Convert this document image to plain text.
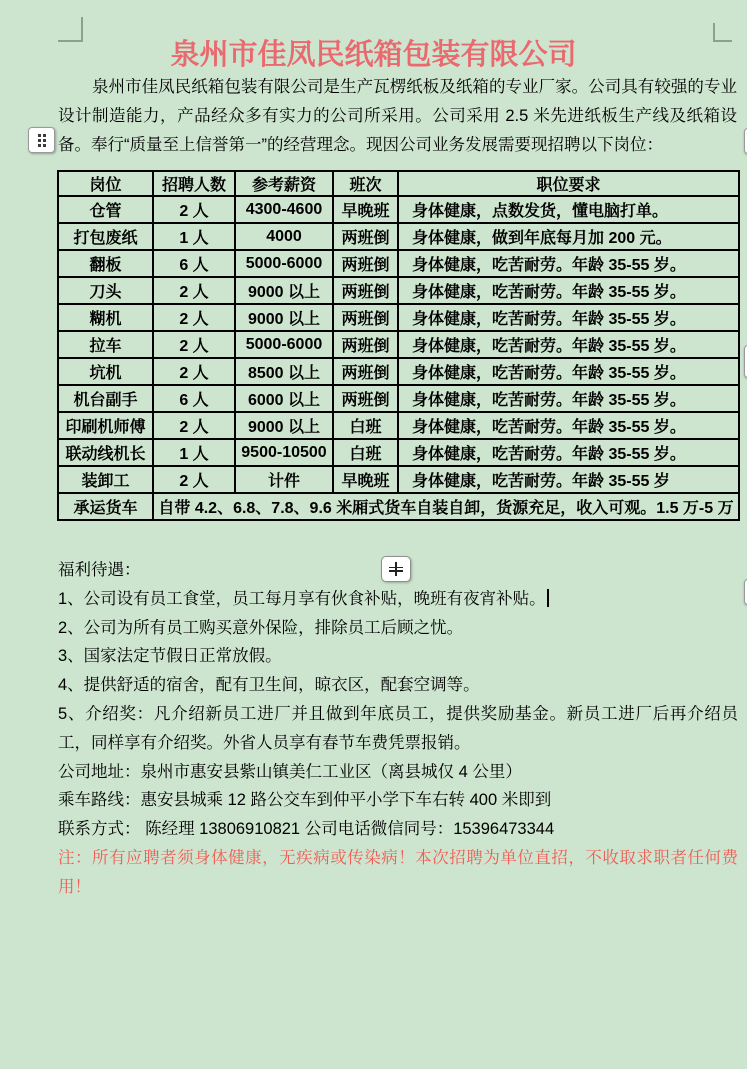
泉州市佳凤民纸箱包装有限公司

泉州市佳凤民纸箱包装有限公司是生产瓦楞纸板及纸箱的专业厂家。公司具有较强的专业设计制造能力，产品经众多有实力的公司所采用。公司采用 2.5 米先进纸板生产线及纸箱设备。奉行“质量至上信誉第一”的经营理念。现因公司业务发展需要现招聘以下岗位：

岗位	招聘人数	参考薪资	班次	职位要求
仓管	2 人	4300-4600	早晚班	身体健康，点数发货，懂电脑打单。
打包废纸	1 人	4000	两班倒	身体健康，做到年底每月加 200 元。
翻板	6 人	5000-6000	两班倒	身体健康，吃苦耐劳。年龄 35-55 岁。
刀头	2 人	9000 以上	两班倒	身体健康，吃苦耐劳。年龄 35-55 岁。
糊机	2 人	9000 以上	两班倒	身体健康，吃苦耐劳。年龄 35-55 岁。
拉车	2 人	5000-6000	两班倒	身体健康，吃苦耐劳。年龄 35-55 岁。
坑机	2 人	8500 以上	两班倒	身体健康，吃苦耐劳。年龄 35-55 岁。
机台副手	6 人	6000 以上	两班倒	身体健康，吃苦耐劳。年龄 35-55 岁。
印刷机师傅	2 人	9000 以上	白班	身体健康，吃苦耐劳。年龄 35-55 岁。
联动线机长	1 人	9500-10500	白班	身体健康，吃苦耐劳。年龄 35-55 岁。
装卸工	2 人	计件	早晚班	身体健康，吃苦耐劳。年龄 35-55 岁
承运货车	自带 4.2、6.8、7.8、9.6 米厢式货车自装自卸，货源充足，收入可观。1.5 万-5 万			

福利待遇：

1、公司设有员工食堂，员工每月享有伙食补贴，晚班有夜宵补贴。

2、公司为所有员工购买意外保险，排除员工后顾之忧。

3、国家法定节假日正常放假。

4、提供舒适的宿舍，配有卫生间，晾衣区，配套空调等。

5、介绍奖：凡介绍新员工进厂并且做到年底员工，提供奖励基金。新员工进厂后再介绍员工，同样享有介绍奖。外省人员享有春节车费凭票报销。

公司地址：泉州市惠安县紫山镇美仁工业区（离县城仅 4 公里）

乘车路线：惠安县城乘 12 路公交车到仲平小学下车右转 400 米即到

联系方式： 陈经理 13806910821 公司电话微信同号：15396473344

注：所有应聘者须身体健康，无疾病或传染病！本次招聘为单位直招，不收取求职者任何费用！
